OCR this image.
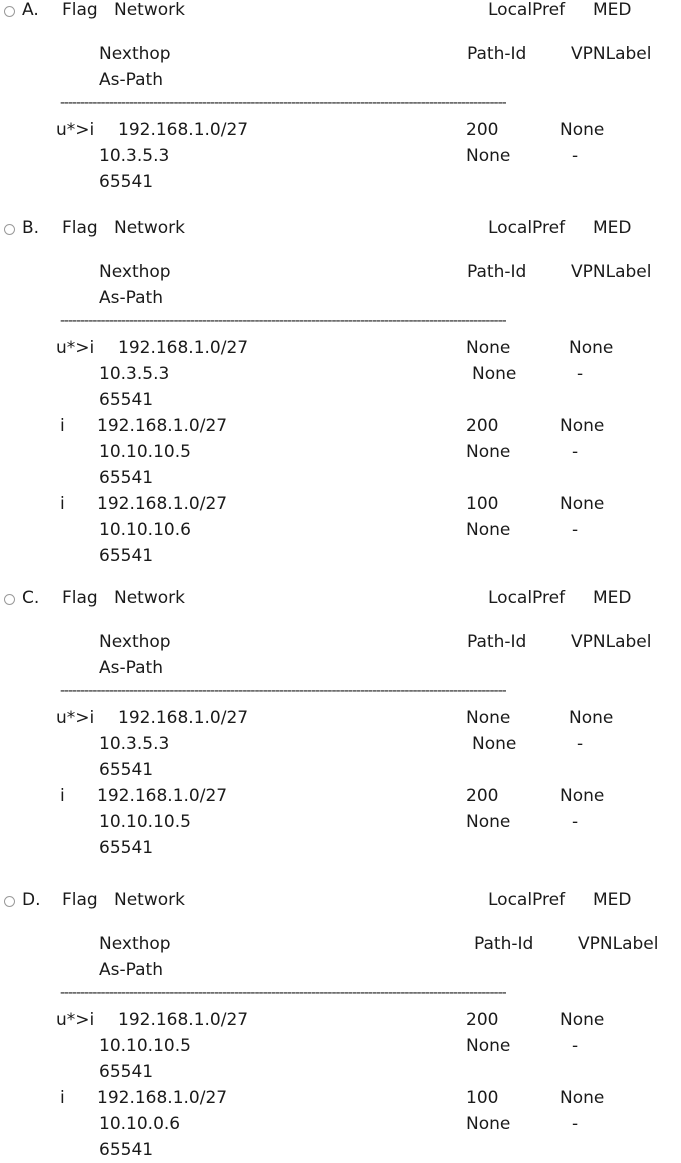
A. Flag Network	LocalPref MED
Nexthop	Path-Id	VPNLabel
As-Path
--------------------------------------------------------------------------------------------------------------
u*>i 192.168.1.0/27	200	None
10.3.5.3	None	-
65541
B. Flag Network	LocalPref MED
Nexthop	Path-Id	VPNLabel
As-Path
--------------------------------------------------------------------------------------------------------------
u*>i 192.168.1.0/27	None	None
10.3.5.3	None	-
65541
i 192.168.1.0/27	200	None
10.10.10.5	None	-
65541
i 192.168.1.0/27	100	None
10.10.10.6	None	-
65541
C. Flag Network	LocalPref MED
Nexthop	Path-Id	VPNLabel
As-Path
--------------------------------------------------------------------------------------------------------------
u*>i 192.168.1.0/27	None	None
10.3.5.3	None	-
65541
i 192.168.1.0/27	200	None
10.10.10.5	None	-
65541
D. Flag Network	LocalPref MED
Nexthop	Path-Id	VPNLabel
As-Path
--------------------------------------------------------------------------------------------------------------
u*>i 192.168.1.0/27	200	None
10.10.10.5	None	-
65541
i 192.168.1.0/27	100	None
10.10.0.6	None	-
65541
